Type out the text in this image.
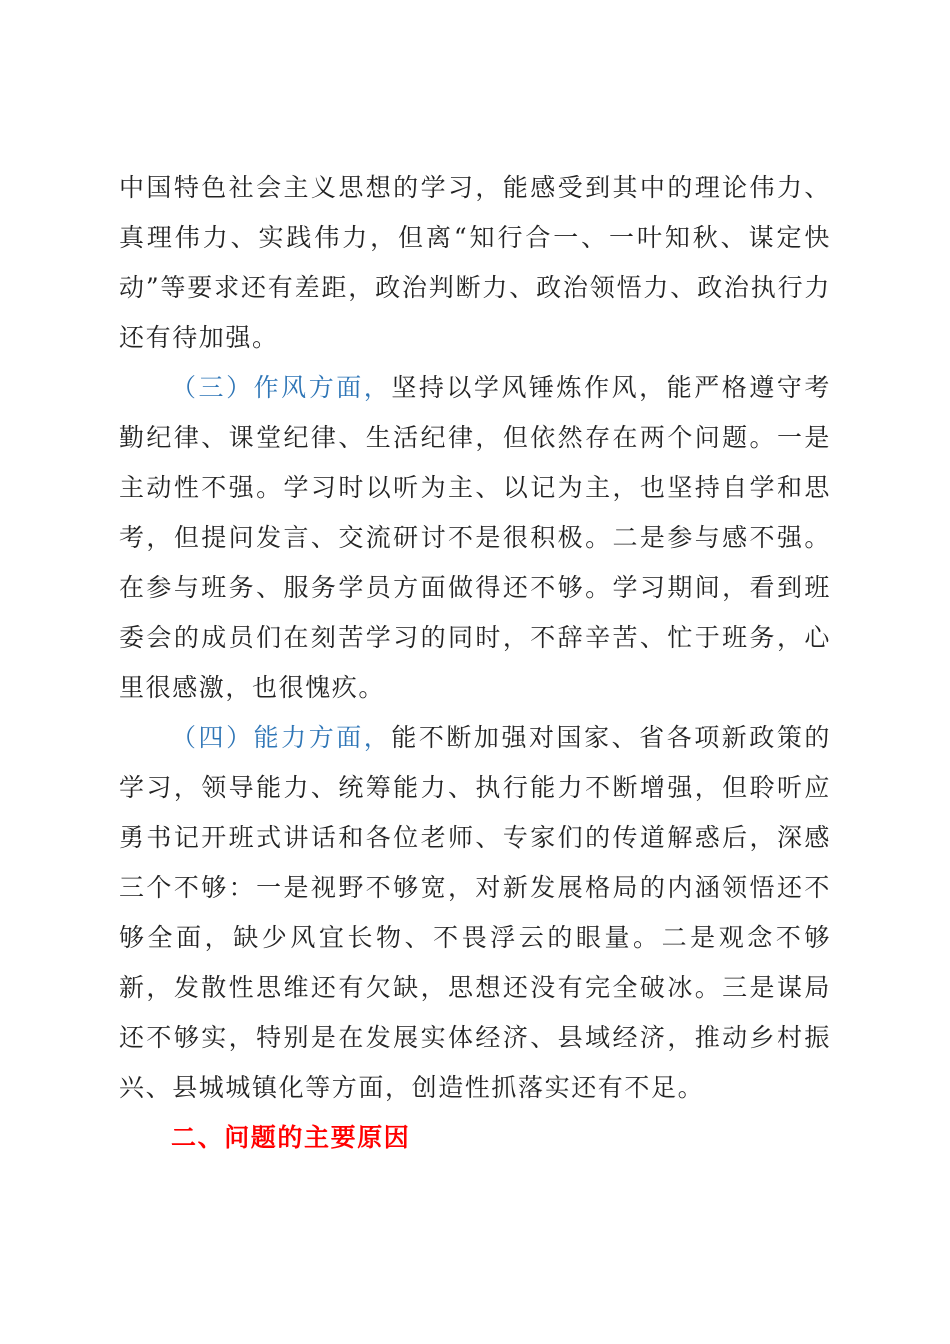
中国特色社会主义思想的学习，能感受到其中的理论伟力、真理伟力、实践伟力，但离“知行合一、一叶知秋、谋定快动”等要求还有差距，政治判断力、政治领悟力、政治执行力还有待加强。

（三）作风方面，坚持以学风锤炼作风，能严格遵守考勤纪律、课堂纪律、生活纪律，但依然存在两个问题。一是主动性不强。学习时以听为主、以记为主，也坚持自学和思考，但提问发言、交流研讨不是很积极。二是参与感不强。在参与班务、服务学员方面做得还不够。学习期间，看到班委会的成员们在刻苦学习的同时，不辞辛苦、忙于班务，心里很感激，也很愧疚。

（四）能力方面，能不断加强对国家、省各项新政策的学习，领导能力、统筹能力、执行能力不断增强，但聆听应勇书记开班式讲话和各位老师、专家们的传道解惑后，深感三个不够：一是视野不够宽，对新发展格局的内涵领悟还不够全面，缺少风宜长物、不畏浮云的眼量。二是观念不够新，发散性思维还有欠缺，思想还没有完全破冰。三是谋局还不够实，特别是在发展实体经济、县域经济，推动乡村振兴、县城城镇化等方面，创造性抓落实还有不足。

二、问题的主要原因
